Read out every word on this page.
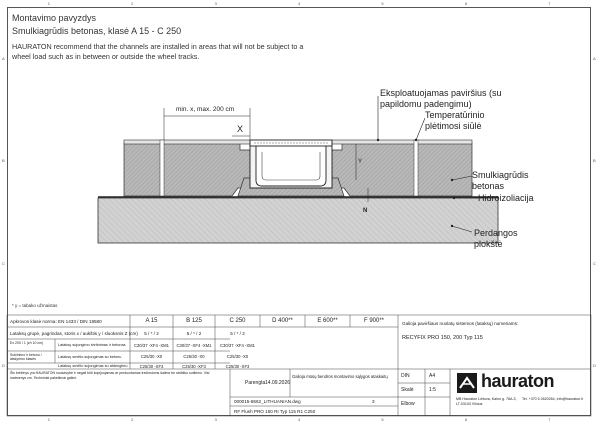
1
1
2
2
3
3
4
4
5
5
6
6
7
7
A	A
B	B
C	C
D	D
Montavimo pavyzdys
Smulkiagrūdis betonas, klasė A 15 - C 250
HAURATON recommend that the channels are installed in areas that will not be subject to a wheel load such as in between or outside the wheel tracks.
min. x, max. 200 cm
X
Y
N
Eksploatuojamas paviršius (su papildomu padengimu)
Temperatūrinio plėtimosi siūlė
Smulkiagrūdis betonas
Hidroizoliacija
Perdangos plokštė
* y = tabako užmaistas
Apkrovos klasė norma: EN 1433 / DIN 19580	A 15	B 125	C 250	D 400**	E 600**	F 900**
Lataksų grupė, pagrindas, storis x / aukštis y / sluoksnis Z (cm)	5 / * / 2	5 / * / 2	5 / * / 2
Ex 200 / 1 (zh 10 cm)
Sulčinimo ir betono / atskyrimo klasės
Lataksų sujungimo tvirtinimas ir betonas	C30/37 -XF4 -XM1	C30/37 -XF4 -XM1	C30/37 -XF4 -XM1
Lataksų smėlio sujungimas su betonu	C25/30 -X0	C25/30 -X0	C25/30 -X0
Lataksų smėlio sujungimas su atdengimu	C25/30 -XF3	C25/30 -XF3	C25/30 -XF3
Galioja paviršiaus nuolatų sistemos (lataksų) numeriams:
RECYFIX PRO 150, 200 Typ 115
Šis brėžinys yra HAURATON nuosavybė ir negali būti kopijuojamas ar perduodamas trečiosioms šalims be raštiško sutikimo. Visi matmenys cm. Techniniai pakeitimai galimi.
Parengta 14.09.2026
Galioja mūsų bendros montavimo sąlygos ataskaitų
000015-8662_LITHUANIAN.dwg	3
RF Flush PRO 150 RI Typ 115 R1 C250
DIN	A4
Skalė	1:5
Elbow
hauraton
MB Hauraton Lietuva, Kalno g. 78A-3, LT-03103 Vilnius
Tel. +370 5 2620264, info@hauraton.lt
